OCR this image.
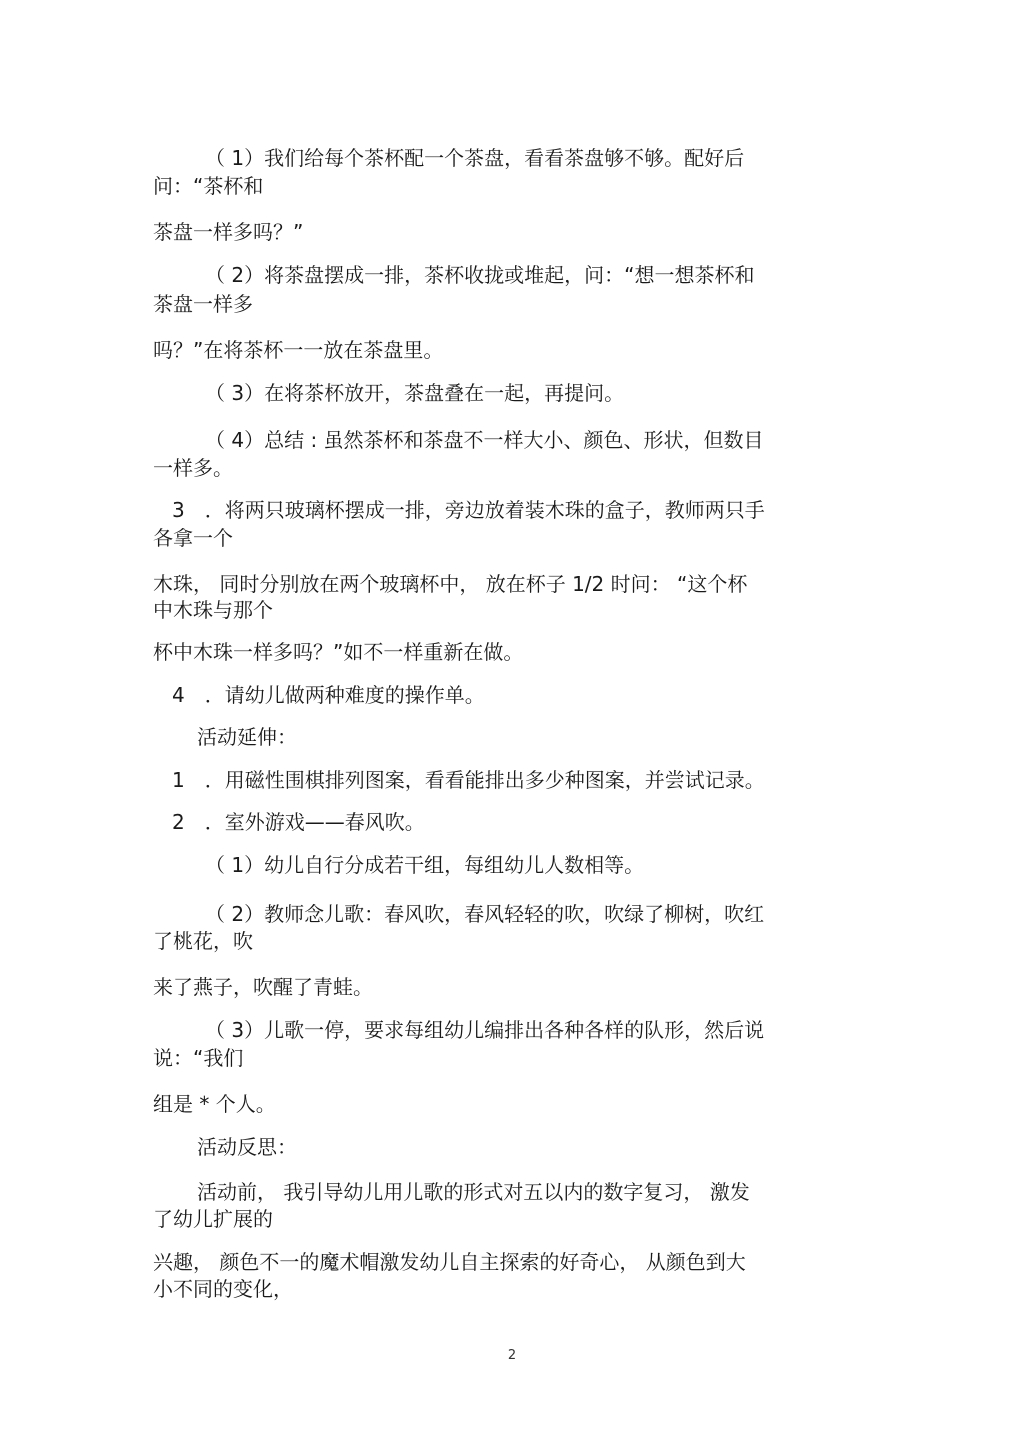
（ 1）我们给每个茶杯配一个茶盘，看看茶盘够不够。配好后
问：“茶杯和
茶盘一样多吗？”
（ 2）将茶盘摆成一排，茶杯收拢或堆起，问：“想一想茶杯和
茶盘一样多
吗？”在将茶杯一一放在茶盘里。
（ 3）在将茶杯放开，茶盘叠在一起，再提问。
（ 4）总结 : 虽然茶杯和茶盘不一样大小、颜色、形状，但数目
一样多。
3　．将两只玻璃杯摆成一排，旁边放着装木珠的盒子，教师两只手
各拿一个
木珠， 同时分别放在两个玻璃杯中， 放在杯子 1/2 时问： “这个杯
中木珠与那个
杯中木珠一样多吗？”如不一样重新在做。
4　．请幼儿做两种难度的操作单。
活动延伸：
1　．用磁性围棋排列图案，看看能排出多少种图案，并尝试记录。
2　．室外游戏——春风吹。
（ 1）幼儿自行分成若干组，每组幼儿人数相等。
（ 2）教师念儿歌：春风吹，春风轻轻的吹，吹绿了柳树，吹红
了桃花，吹
来了燕子，吹醒了青蛙。
（ 3）儿歌一停，要求每组幼儿编排出各种各样的队形，然后说
说：“我们
组是 * 个人。
活动反思：
活动前， 我引导幼儿用儿歌的形式对五以内的数字复习， 激发
了幼儿扩展的
兴趣， 颜色不一的魔术帽激发幼儿自主探索的好奇心， 从颜色到大
小不同的变化，
2
